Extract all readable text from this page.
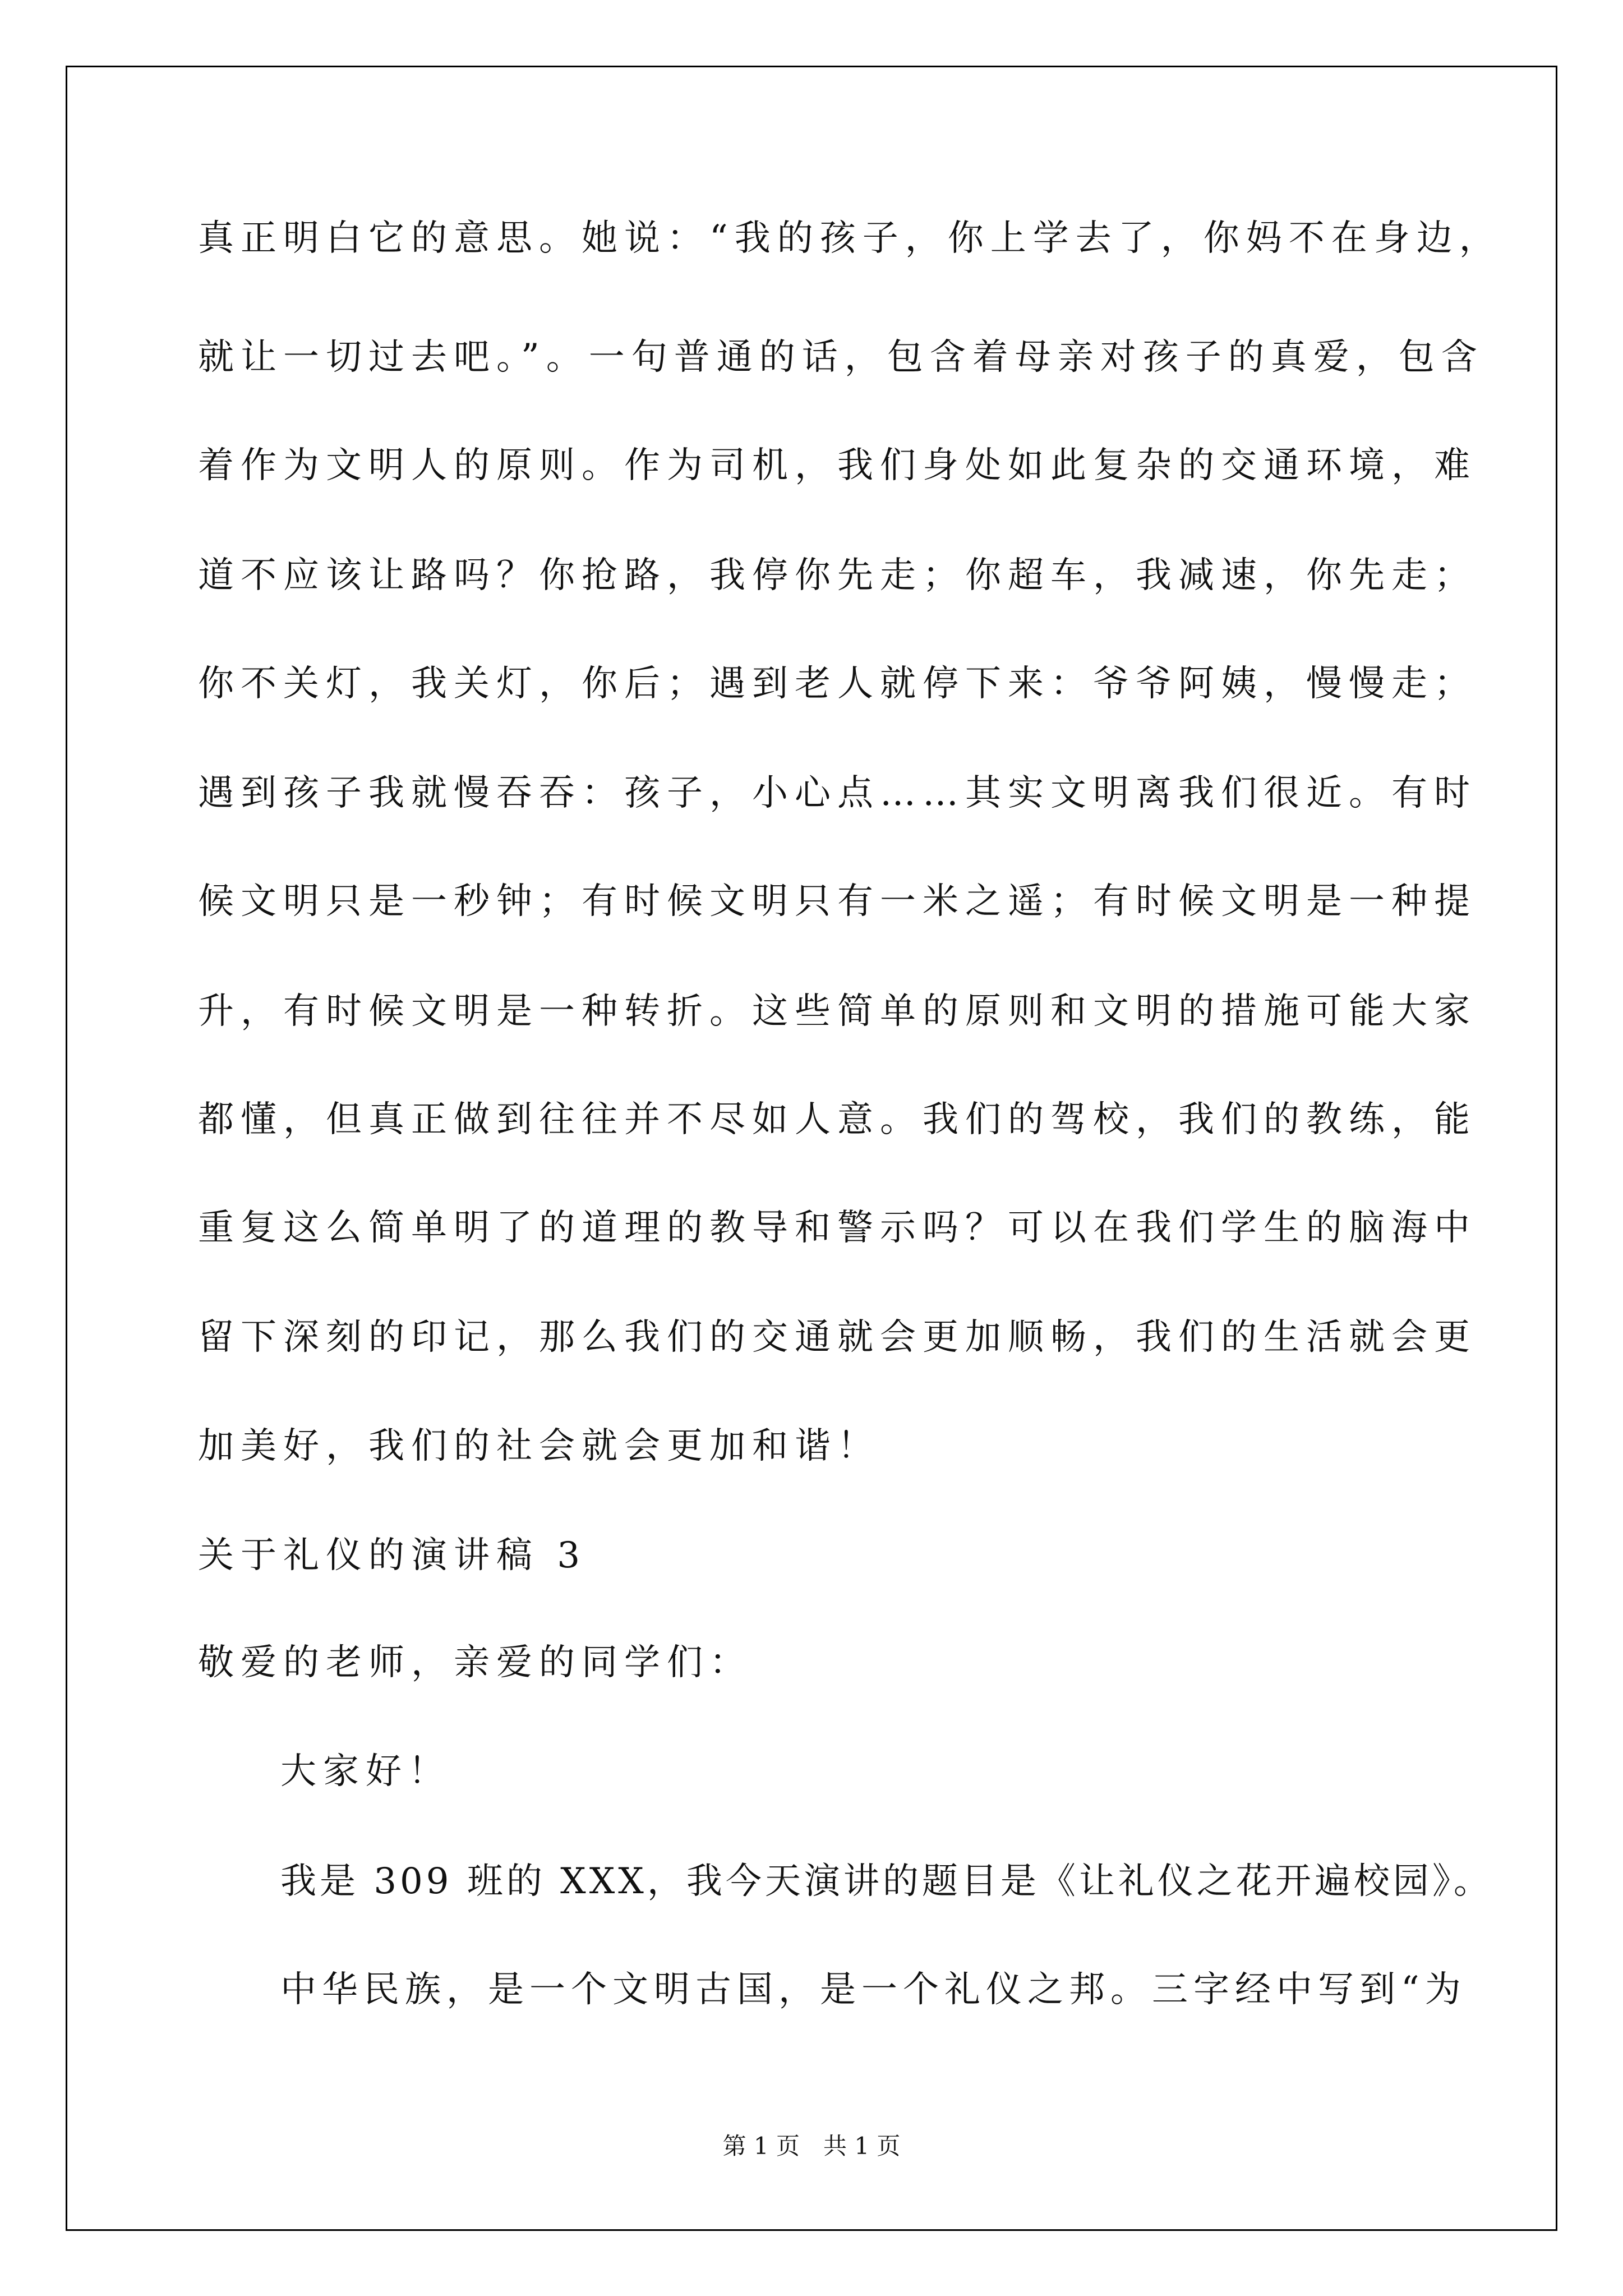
真正明白它的意思。她说：“我的孩子，你上学去了，你妈不在身边，
就让一切过去吧。”。一句普通的话，包含着母亲对孩子的真爱，包含
着作为文明人的原则。作为司机，我们身处如此复杂的交通环境，难
道不应该让路吗？你抢路，我停你先走；你超车，我减速，你先走；
你不关灯，我关灯，你后；遇到老人就停下来：爷爷阿姨，慢慢走；
遇到孩子我就慢吞吞：孩子，小心点……其实文明离我们很近。有时
候文明只是一秒钟；有时候文明只有一米之遥；有时候文明是一种提
升，有时候文明是一种转折。这些简单的原则和文明的措施可能大家
都懂，但真正做到往往并不尽如人意。我们的驾校，我们的教练，能
重复这么简单明了的道理的教导和警示吗？可以在我们学生的脑海中
留下深刻的印记，那么我们的交通就会更加顺畅，我们的生活就会更
加美好，我们的社会就会更加和谐！
关于礼仪的演讲稿 3
敬爱的老师，亲爱的同学们：
大家好！
我是 309 班的 XXX，我今天演讲的题目是《让礼仪之花开遍校园》。
中华民族，是一个文明古国，是一个礼仪之邦。三字经中写到“为
第 1 页　共 1 页
